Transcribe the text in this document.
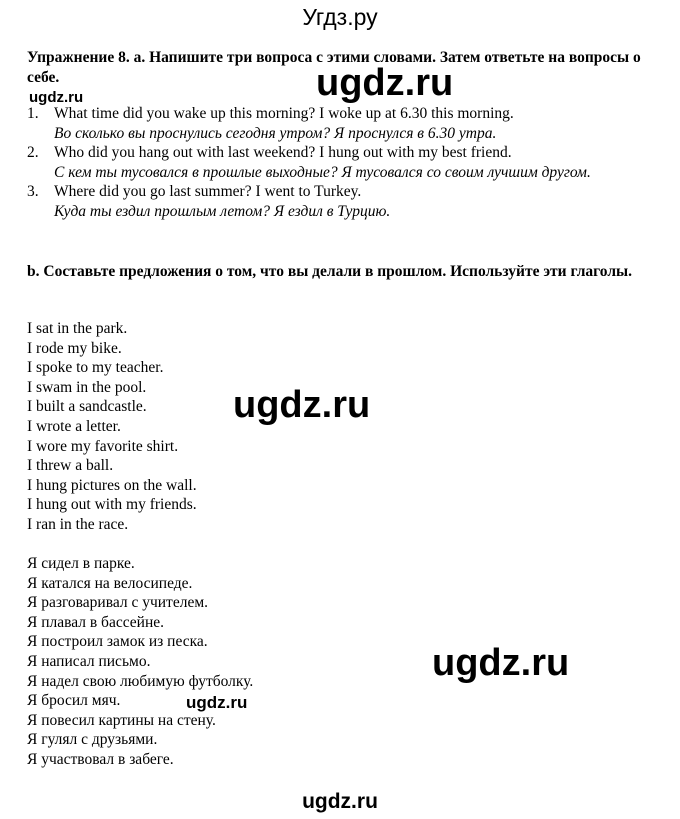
Угдз.ру

Упражнение 8. а. Напишите три вопроса с этими словами. Затем ответьте на вопросы о себе.

1. What time did you wake up this morning? I woke up at 6.30 this morning.
Во сколько вы проснулись сегодня утром? Я проснулся в 6.30 утра.
2. Who did you hang out with last weekend? I hung out with my best friend.
С кем ты тусовался в прошлые выходные? Я тусовался со своим лучшим другом.
3. Where did you go last summer? I went to Turkey.
Куда ты ездил прошлым летом? Я ездил в Турцию.

b. Составьте предложения о том, что вы делали в прошлом. Используйте эти глаголы.

I sat in the park.
I rode my bike.
I spoke to my teacher.
I swam in the pool.
I built a sandcastle.
I wrote a letter.
I wore my favorite shirt.
I threw a ball.
I hung pictures on the wall.
I hung out with my friends.
I ran in the race.
Я сидел в парке.
Я катался на велосипеде.
Я разговаривал с учителем.
Я плавал в бассейне.
Я построил замок из песка.
Я написал письмо.
Я надел свою любимую футболку.
Я бросил мяч.
Я повесил картины на стену.
Я гулял с друзьями.
Я участвовал в забеге.
ugdz.ru	ugdz.ru
ugdz.ru
ugdz.ru
ugdz.ru
ugdz.ru
